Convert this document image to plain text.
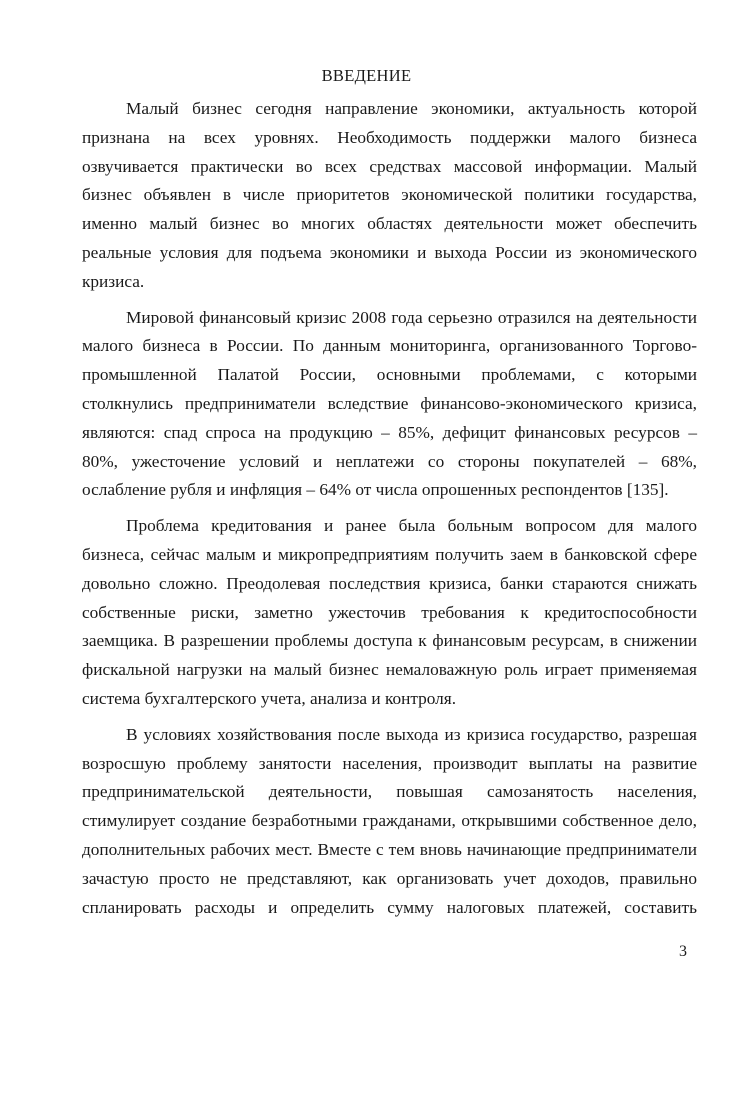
ВВЕДЕНИЕ
Малый бизнес сегодня направление экономики, актуальность которой
признана на всех уровнях. Необходимость поддержки малого бизнеса
озвучивается практически во всех средствах массовой информации. Малый
бизнес объявлен в числе приоритетов экономической политики государства,
именно малый бизнес во многих областях деятельности может обеспечить
реальные условия для подъема экономики и выхода России из экономического
кризиса.
Мировой финансовый кризис 2008 года серьезно отразился на деятельности
малого бизнеса в России. По данным мониторинга, организованного Торгово-
промышленной Палатой России, основными проблемами, с которыми
столкнулись предприниматели вследствие финансово-экономического кризиса,
являются: спад спроса на продукцию – 85%, дефицит финансовых ресурсов –
80%, ужесточение условий и неплатежи со стороны покупателей – 68%,
ослабление рубля и инфляция – 64% от числа опрошенных респондентов [135].
Проблема кредитования и ранее была больным вопросом для малого
бизнеса, сейчас малым и микропредприятиям получить заем в банковской сфере
довольно сложно. Преодолевая последствия кризиса, банки стараются снижать
собственные риски, заметно ужесточив требования к кредитоспособности
заемщика. В разрешении проблемы доступа к финансовым ресурсам, в снижении
фискальной нагрузки на малый бизнес немаловажную роль играет применяемая
система бухгалтерского учета, анализа и контроля.
В условиях хозяйствования после выхода из кризиса государство, разрешая
возросшую проблему занятости населения, производит выплаты на развитие
предпринимательской деятельности, повышая самозанятость населения,
стимулирует создание безработными гражданами, открывшими собственное дело,
дополнительных рабочих мест. Вместе с тем вновь начинающие предприниматели
зачастую просто не представляют, как организовать учет доходов, правильно
спланировать расходы и определить сумму налоговых платежей, составить
3
